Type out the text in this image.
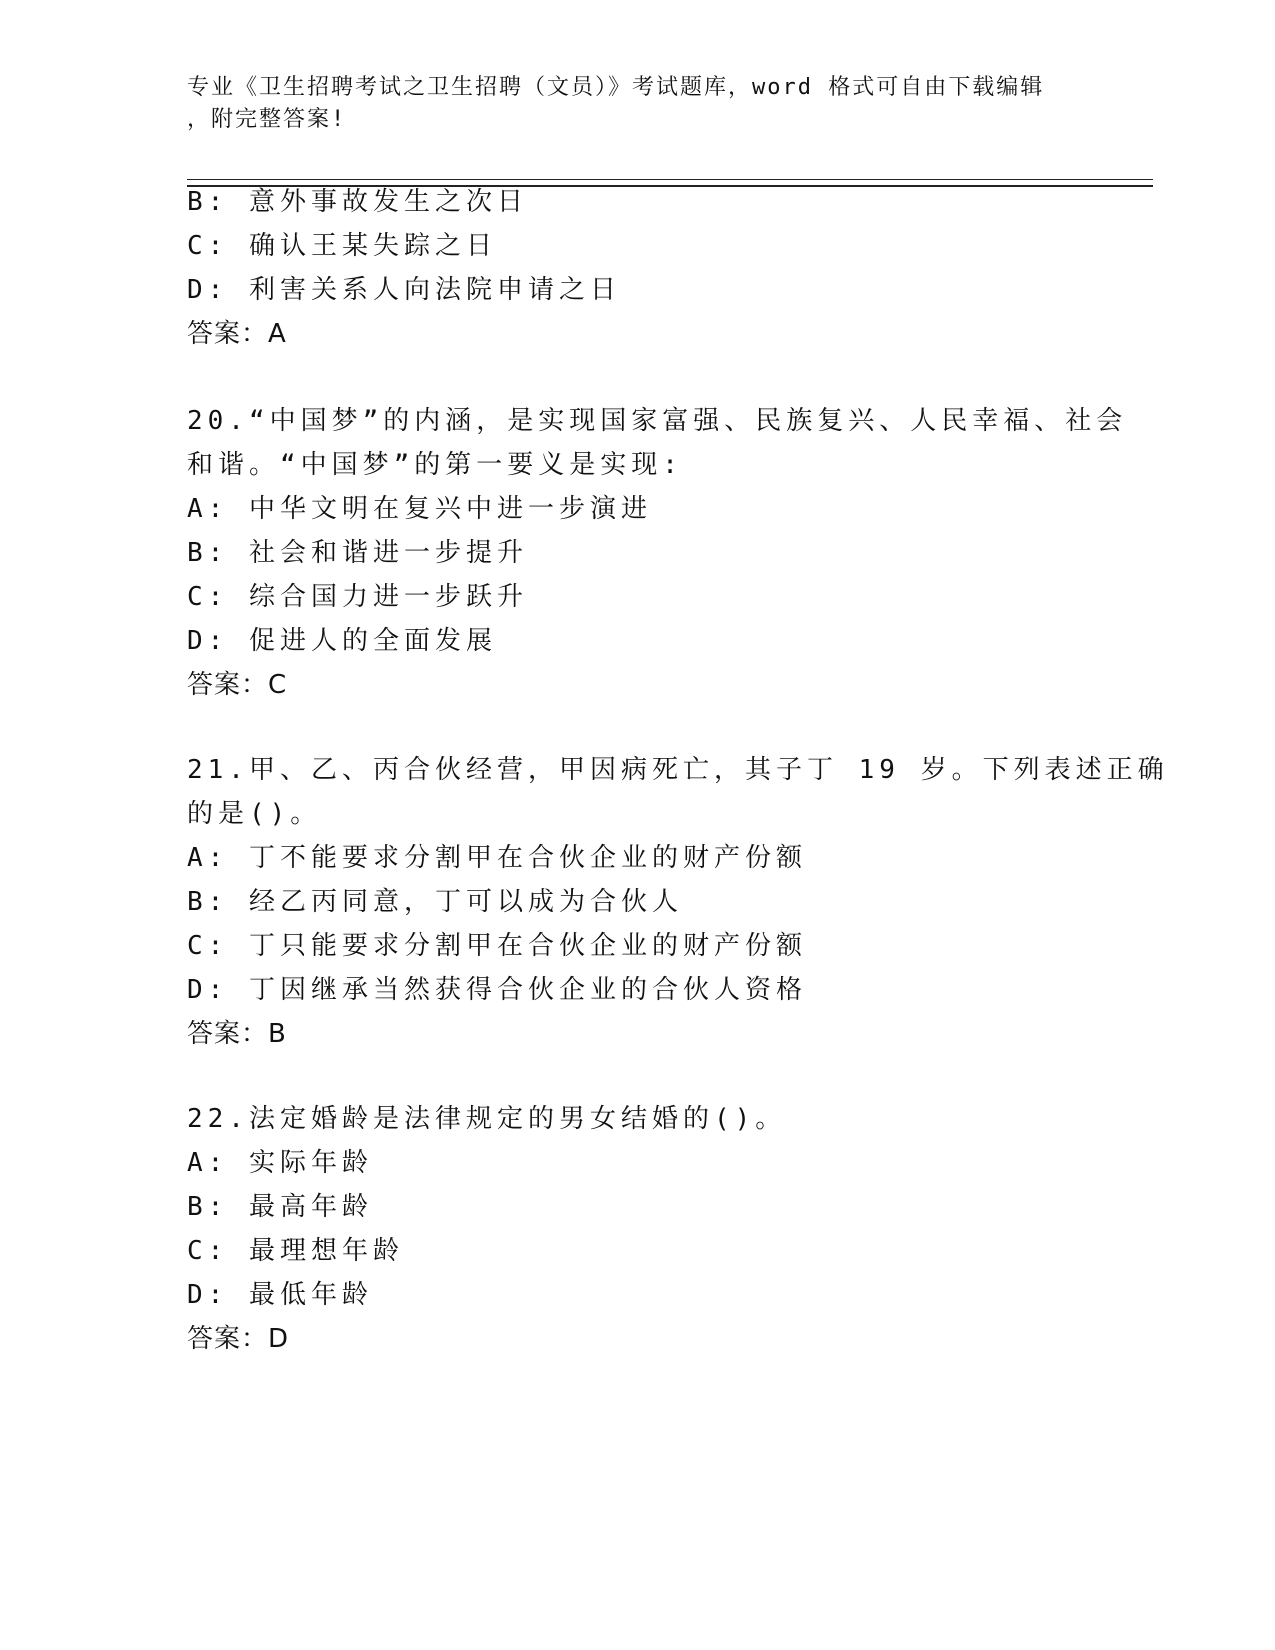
专业《卫生招聘考试之卫生招聘（文员）》考试题库，word 格式可自由下载编辑
，附完整答案!
B: 意外事故发生之次日
C: 确认王某失踪之日
D: 利害关系人向法院申请之日
答案：A
20.“中国梦”的内涵，是实现国家富强、民族复兴、人民幸福、社会
和谐。“中国梦”的第一要义是实现:
A: 中华文明在复兴中进一步演进
B: 社会和谐进一步提升
C: 综合国力进一步跃升
D: 促进人的全面发展
答案：C
21.甲、乙、丙合伙经营，甲因病死亡，其子丁 19 岁。下列表述正确
的是()。
A: 丁不能要求分割甲在合伙企业的财产份额
B: 经乙丙同意，丁可以成为合伙人
C: 丁只能要求分割甲在合伙企业的财产份额
D: 丁因继承当然获得合伙企业的合伙人资格
答案：B
22.法定婚龄是法律规定的男女结婚的()。
A: 实际年龄
B: 最高年龄
C: 最理想年龄
D: 最低年龄
答案：D
